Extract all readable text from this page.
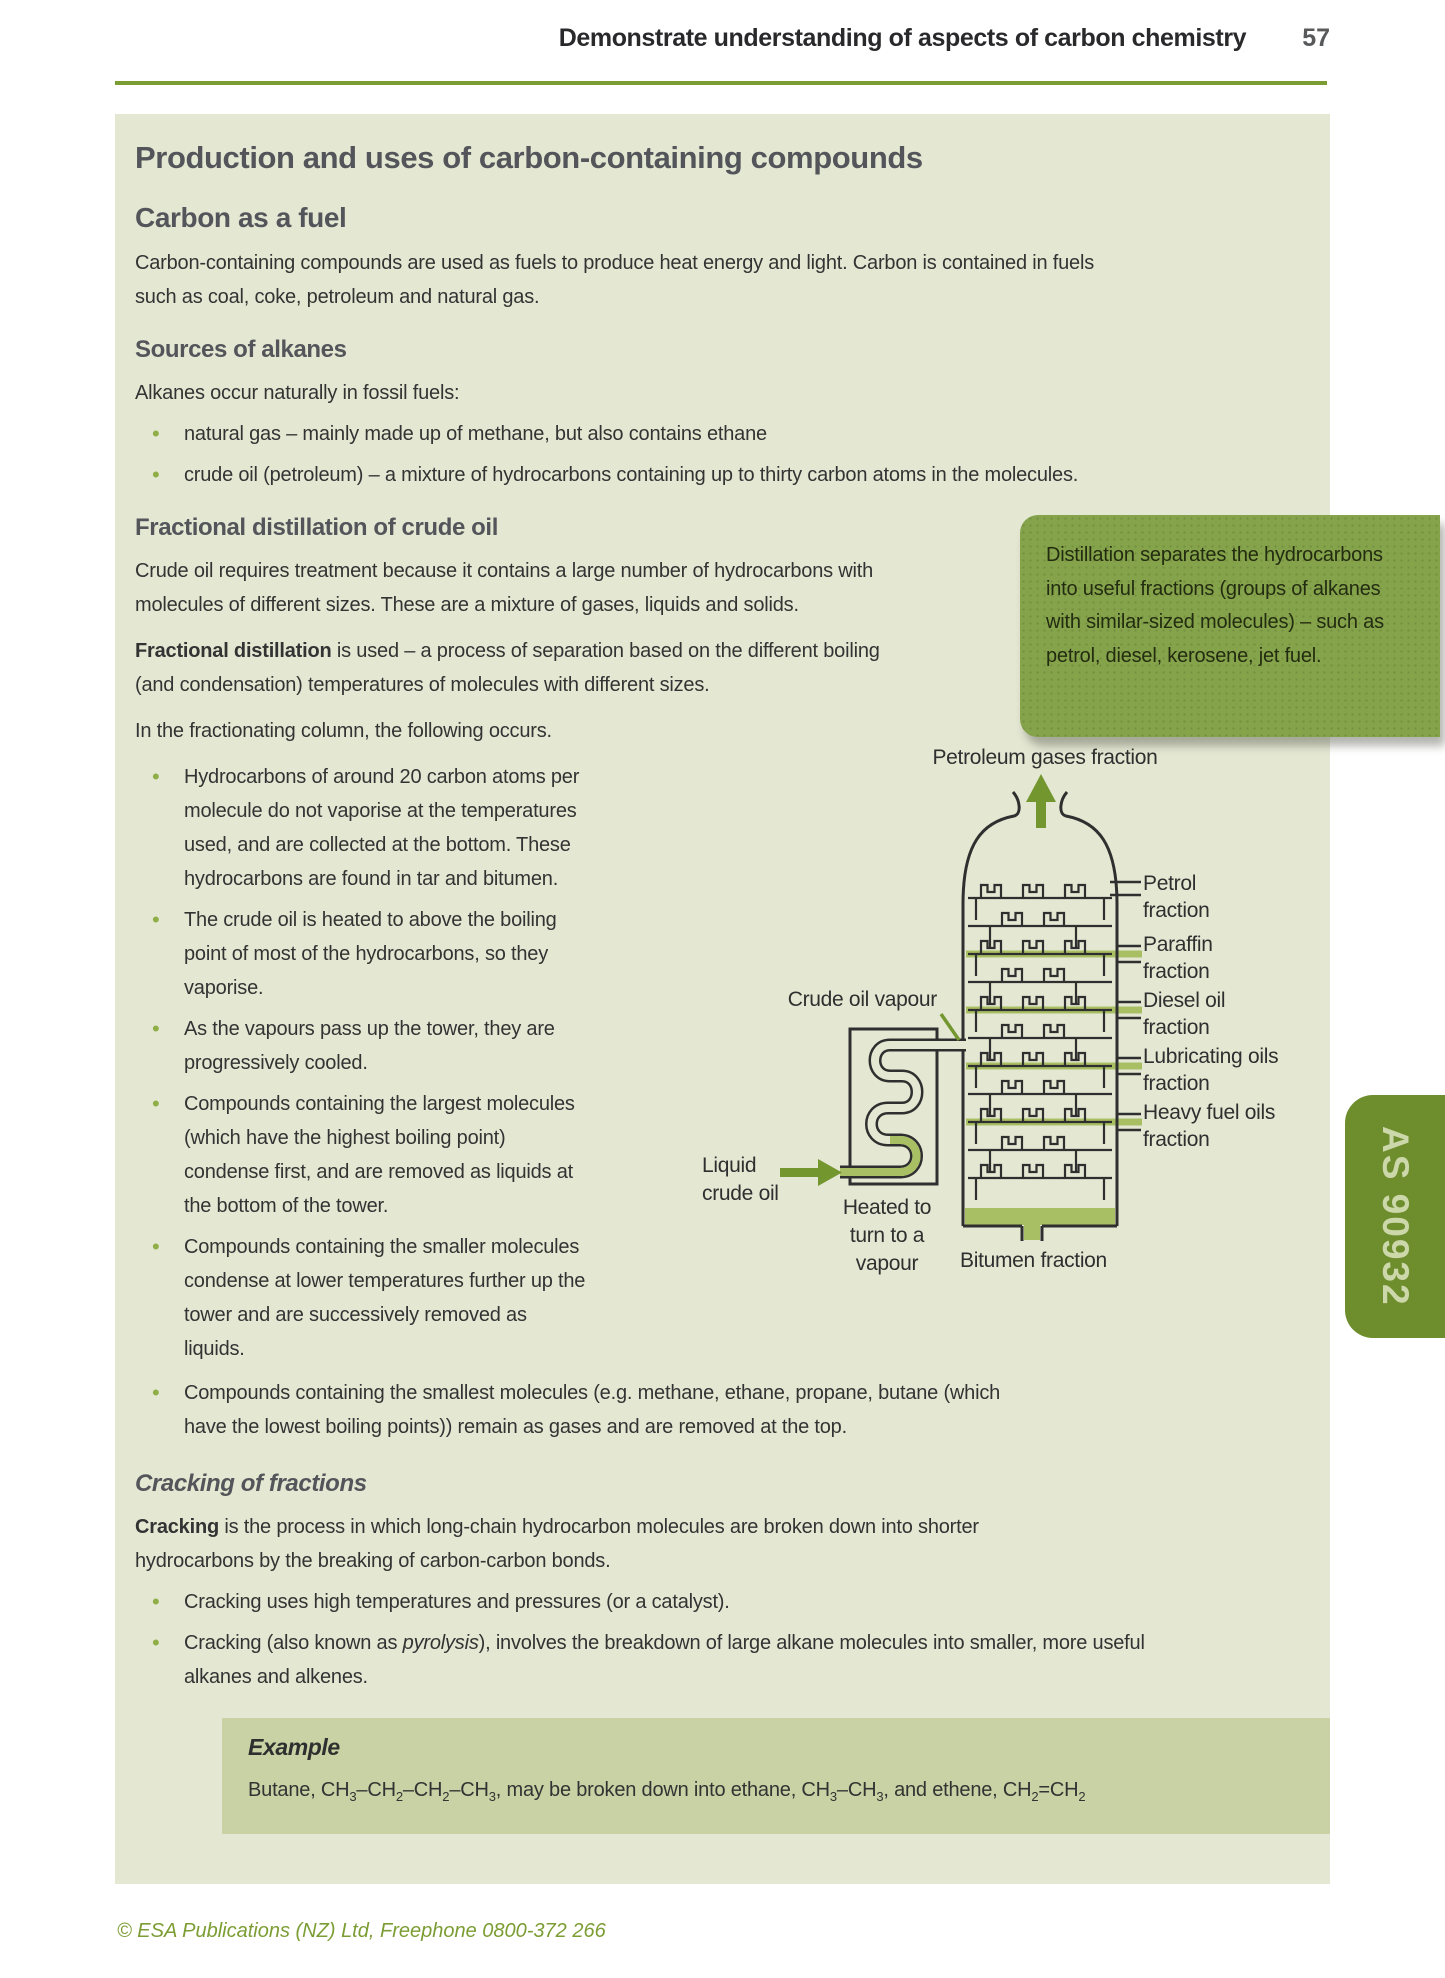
Demonstrate understanding of aspects of carbon chemistry 57
Production and uses of carbon-containing compounds
Carbon as a fuel

Carbon-containing compounds are used as fuels to produce heat energy and light. Carbon is contained in fuels such as coal, coke, petroleum and natural gas.

Sources of alkanes

Alkanes occur naturally in fossil fuels:

• natural gas – mainly made up of methane, but also contains ethane
• crude oil (petroleum) – a mixture of hydrocarbons containing up to thirty carbon atoms in the molecules.
Fractional distillation of crude oil

Crude oil requires treatment because it contains a large number of hydrocarbons with molecules of different sizes. These are a mixture of gases, liquids and solids.

Fractional distillation is used – a process of separation based on the different boiling (and condensation) temperatures of molecules with different sizes.

In the fractionating column, the following occurs.

• Hydrocarbons of around 20 carbon atoms per molecule do not vaporise at the temperatures used, and are collected at the bottom. These hydrocarbons are found in tar and bitumen.
• The crude oil is heated to above the boiling point of most of the hydrocarbons, so they vaporise.
• As the vapours pass up the tower, they are progressively cooled.
• Compounds containing the largest molecules (which have the highest boiling point) condense first, and are removed as liquids at the bottom of the tower.
• Compounds containing the smaller molecules condense at lower temperatures further up the tower and are successively removed as liquids.
Petroleum gases fraction
Crude oil vapour
Liquid
crude oil
Heated to
turn to a
vapour Bitumen fraction
Petrol
fraction
Paraffin
fraction
Diesel oil
fraction
Lubricating oils
fraction
Heavy fuel oils
fraction
• Compounds containing the smallest molecules (e.g. methane, ethane, propane, butane (which have the lowest boiling points)) remain as gases and are removed at the top.
Cracking of fractions

Cracking is the process in which long-chain hydrocarbon molecules are broken down into shorter hydrocarbons by the breaking of carbon-carbon bonds.

• Cracking uses high temperatures and pressures (or a catalyst).
• Cracking (also known as pyrolysis), involves the breakdown of large alkane molecules into smaller, more useful alkanes and alkenes.
Example

Butane, $CH_3-CH_2-CH_2-CH_3$, may be broken down into ethane, $CH_3-CH_3$, and ethene, $CH_2=CH_2$

Distillation separates the hydrocarbons into useful fractions (groups of alkanes with similar-sized molecules) – such as petrol, diesel, kerosene, jet fuel.
AS 90932
© ESA Publications (NZ) Ltd, Freephone 0800-372 266
